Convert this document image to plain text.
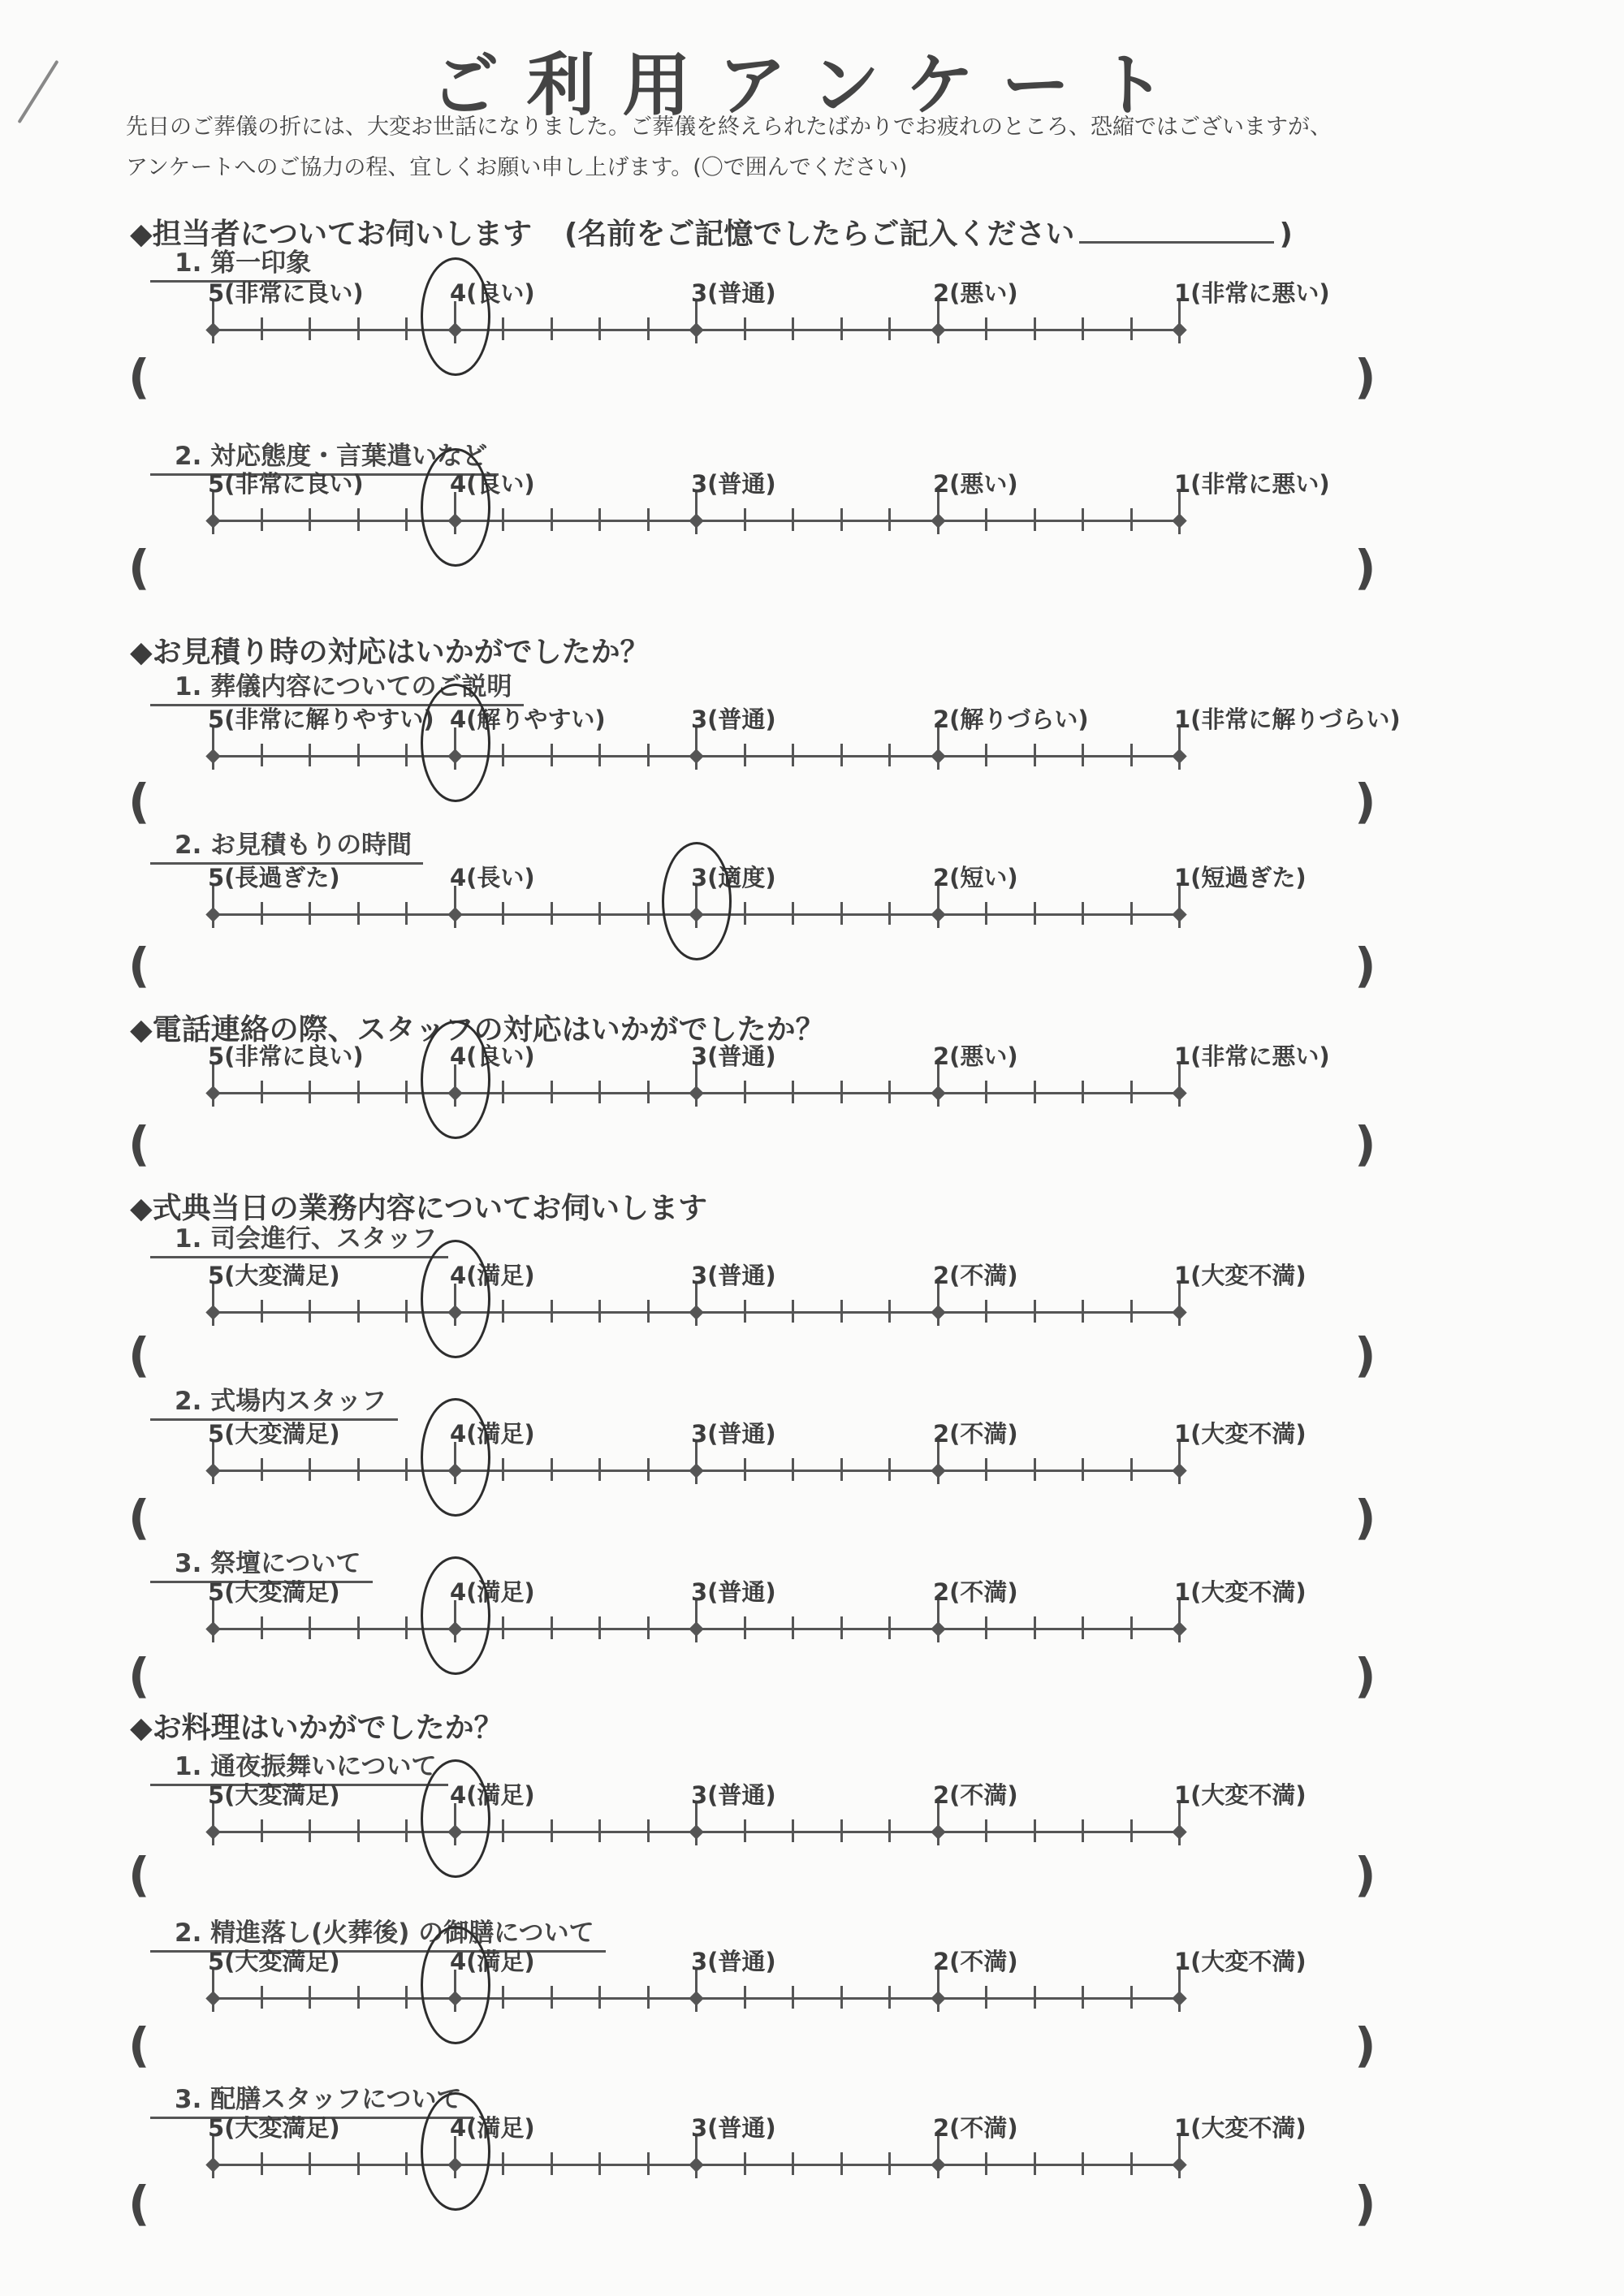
ご利用アンケート
先日のご葬儀の折には、大変お世話になりました。ご葬儀を終えられたばかりでお疲れのところ、恐縮ではございますが、
アンケートへのご協力の程、宜しくお願い申し上げます。(〇で囲んでください)
◆担当者についてお伺いします (名前をご記憶でしたらご記入ください	)
◆お見積り時の対応はいかがでしたか？
◆電話連絡の際、スタッフの対応はいかがでしたか？
◆式典当日の業務内容についてお伺いします
◆お料理はいかがでしたか？
1. 第一印象
5(非常に良い)	4(良い)	3(普通)	2(悪い)	1(非常に悪い)
(	)
2. 対応態度・言葉遣いなど
5(非常に良い)	4(良い)	3(普通)	2(悪い)	1(非常に悪い)
(	)
1. 葬儀内容についてのご説明
5(非常に解りやすい) 4(解りやすい)	3(普通)	2(解りづらい)	1(非常に解りづらい)
(	)
2. お見積もりの時間
5(長過ぎた)	4(長い)	3(適度)	2(短い)	1(短過ぎた)
(	)
5(非常に良い)	4(良い)	3(普通)	2(悪い)	1(非常に悪い)
(	)
1. 司会進行、スタッフ
5(大変満足)	4(満足)	3(普通)	2(不満)	1(大変不満)
(	)
2. 式場内スタッフ
5(大変満足)	4(満足)	3(普通)	2(不満)	1(大変不満)
(	)
3. 祭壇について
5(大変満足)	4(満足)	3(普通)	2(不満)	1(大変不満)
(	)
1. 通夜振舞いについて
5(大変満足)	4(満足)	3(普通)	2(不満)	1(大変不満)
(	)
2. 精進落し(火葬後) の御膳について
5(大変満足)	4(満足)	3(普通)	2(不満)	1(大変不満)
(	)
3. 配膳スタッフについて
5(大変満足)	4(満足)	3(普通)	2(不満)	1(大変不満)
(	)
